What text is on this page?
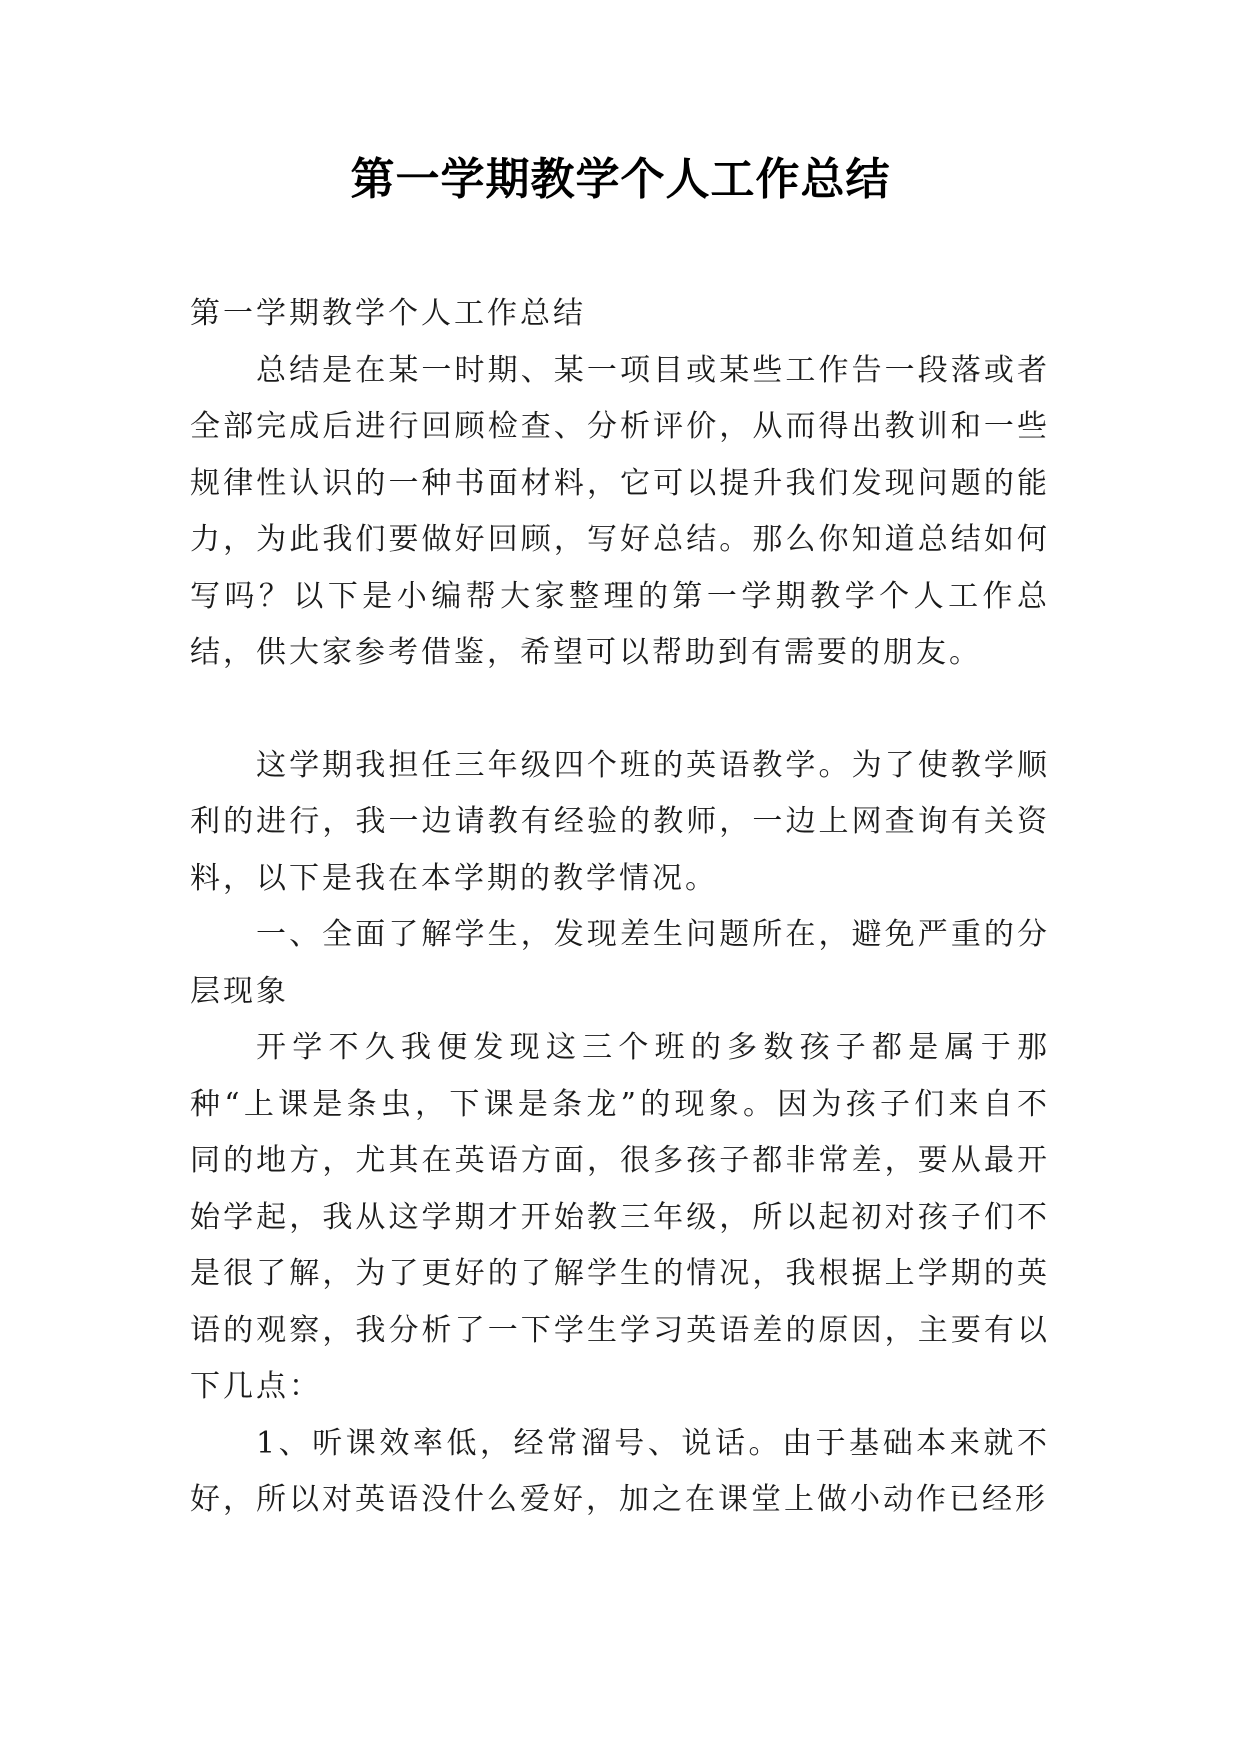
第一学期教学个人工作总结

第一学期教学个人工作总结

总结是在某一时期、某一项目或某些工作告一段落或者全部完成后进行回顾检查、分析评价，从而得出教训和一些规律性认识的一种书面材料，它可以提升我们发现问题的能力，为此我们要做好回顾，写好总结。那么你知道总结如何写吗？以下是小编帮大家整理的第一学期教学个人工作总结，供大家参考借鉴，希望可以帮助到有需要的朋友。

这学期我担任三年级四个班的英语教学。为了使教学顺利的进行，我一边请教有经验的教师，一边上网查询有关资料，以下是我在本学期的教学情况。

一、全面了解学生，发现差生问题所在，避免严重的分层现象

开学不久我便发现这三个班的多数孩子都是属于那种“上课是条虫，下课是条龙”的现象。因为孩子们来自不同的地方，尤其在英语方面，很多孩子都非常差，要从最开始学起，我从这学期才开始教三年级，所以起初对孩子们不是很了解，为了更好的了解学生的情况，我根据上学期的英语的观察，我分析了一下学生学习英语差的原因，主要有以下几点：

1、听课效率低，经常溜号、说话。由于基础本来就不好，所以对英语没什么爱好，加之在课堂上做小动作已经形
